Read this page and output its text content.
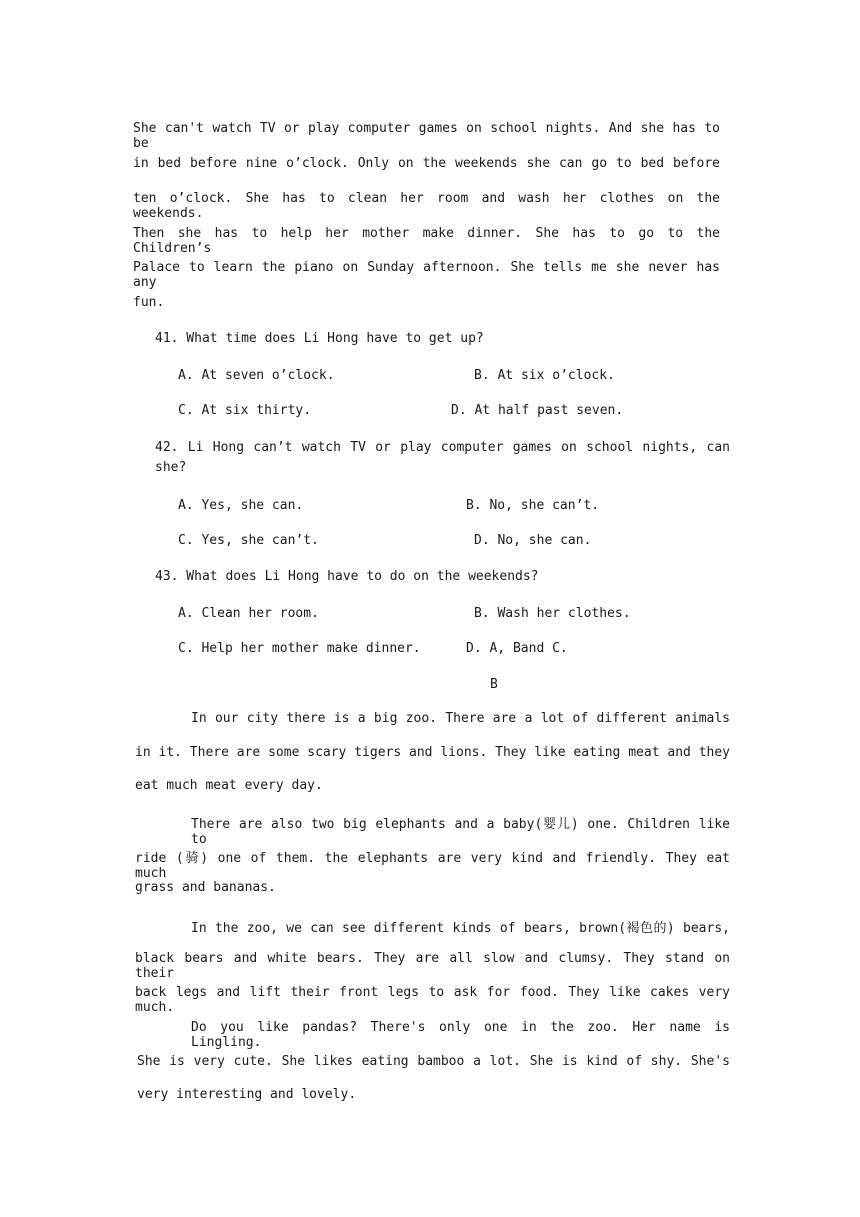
She can't watch TV or play computer games on school nights. And she has to be
in bed before nine o’clock. Only on the weekends she can go to bed before
ten o’clock. She has to clean her room and wash her clothes on the weekends.
Then she has to help her mother make dinner. She has to go to the Children’s
Palace to learn the piano on Sunday afternoon. She tells me she never has any
fun.
41. What time does Li Hong have to get up?
A. At seven o’clock.	B. At six o’clock.
C. At six thirty.	D. At half past seven.
42. Li Hong can’t watch TV or play computer games on school nights, can
she?
A. Yes, she can.	B. No, she can’t.
C. Yes, she can’t.	D. No, she can.
43. What does Li Hong have to do on the weekends?
A. Clean her room.	B. Wash her clothes.
C. Help her mother make dinner.	D. A, Band C.
B
In our city there is a big zoo. There are a lot of different animals
in it. There are some scary tigers and lions. They like eating meat and they
eat much meat every day.
There are also two big elephants and a baby(婴儿) one. Children like to
ride (骑) one of them. the elephants are very kind and friendly. They eat much
grass and bananas.
In the zoo, we can see different kinds of bears, brown(褐色的) bears,
black bears and white bears. They are all slow and clumsy. They stand on their
back legs and lift their front legs to ask for food. They like cakes very much.
Do you like pandas? There's only one in the zoo. Her name is Lingling.
She is very cute. She likes eating bamboo a lot. She is kind of shy. She's
very interesting and lovely.
